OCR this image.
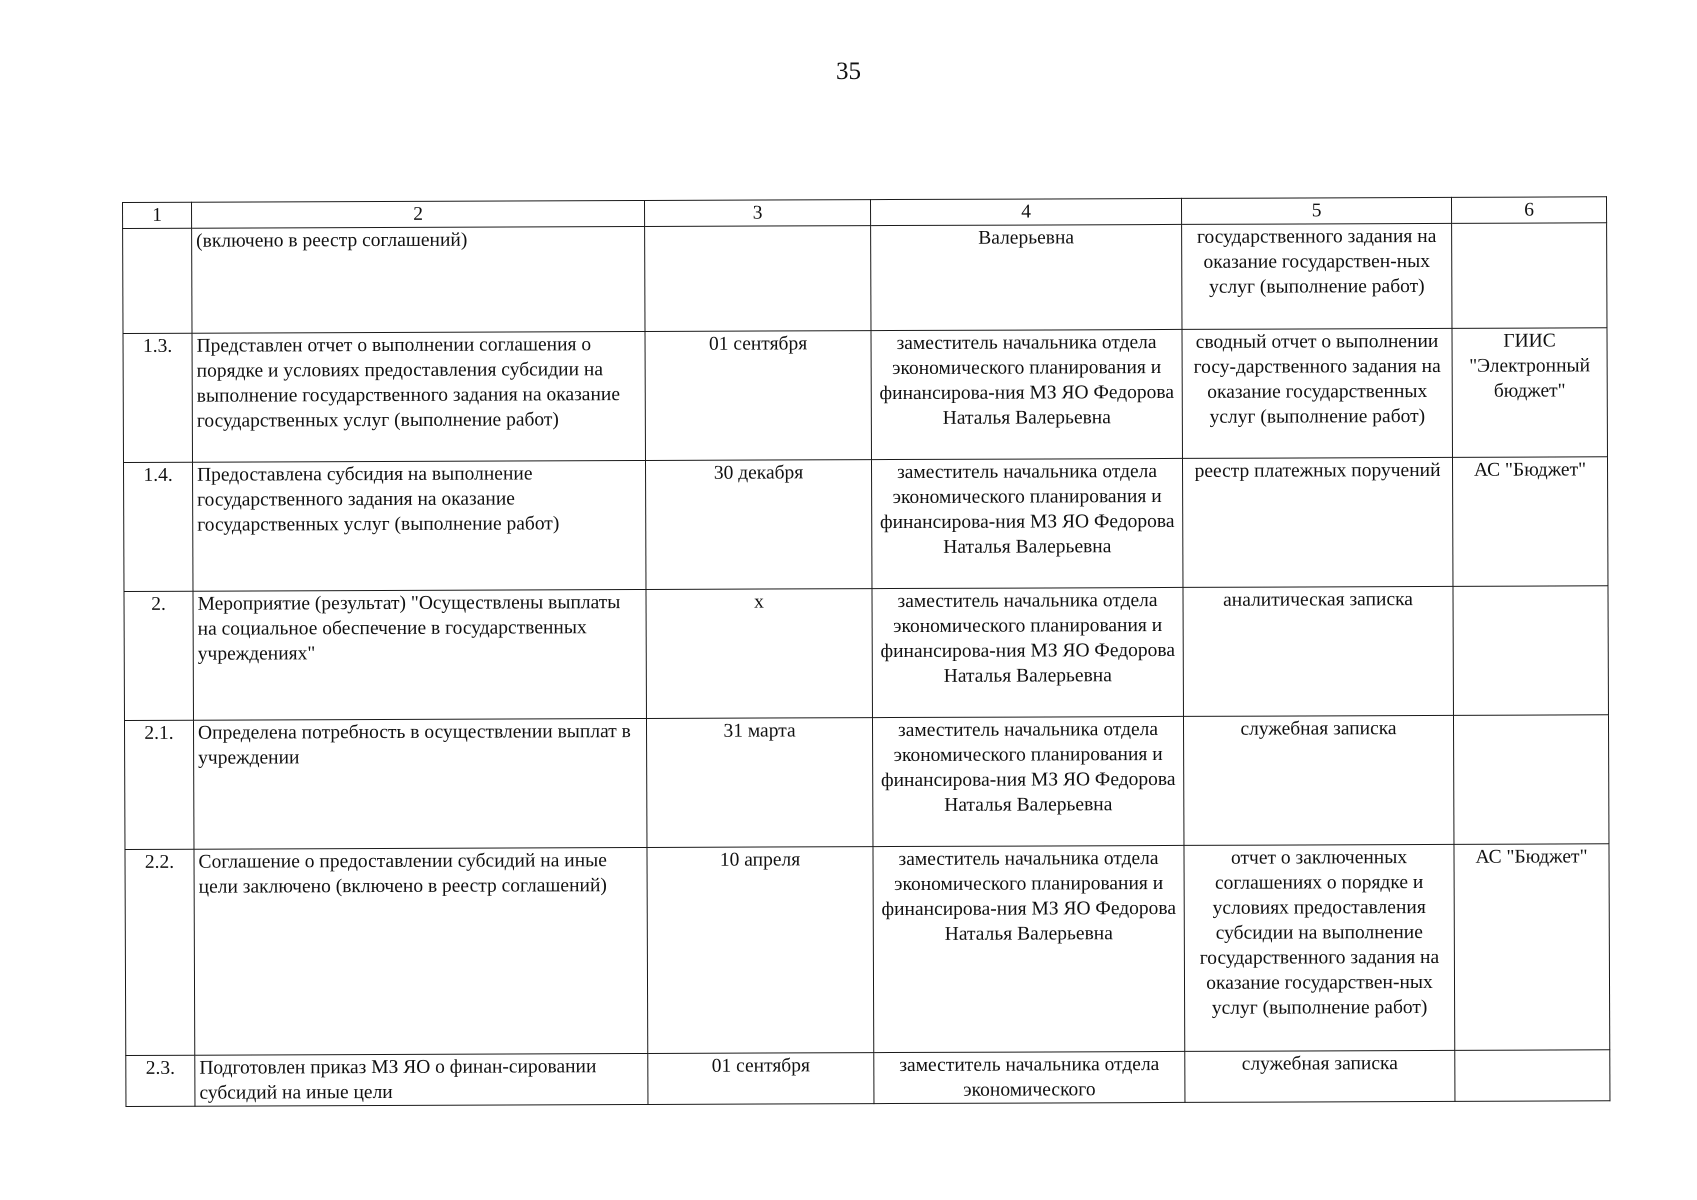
35
1	2	3	4	5	6
	(включено в реестр соглашений)		Валерьевна	государственного задания на оказание государствен-ных услуг (выполнение работ)	
1.3.	Представлен отчет о выполнении соглашения о порядке и условиях предоставления субсидии на выполнение государственного задания на оказание государственных услуг (выполнение работ)	01 сентября	заместитель начальника отдела экономического планирования и финансирова-ния МЗ ЯО Федорова Наталья Валерьевна	сводный отчет о выполнении госу-дарственного задания на оказание государственных услуг (выполнение работ)	ГИИС "Электронный бюджет"
1.4.	Предоставлена субсидия на выполнение государственного задания на оказание государственных услуг (выполнение работ)	30 декабря	заместитель начальника отдела экономического планирования и финансирова-ния МЗ ЯО Федорова Наталья Валерьевна	реестр платежных поручений	АС "Бюджет"
2.	Мероприятие (результат) "Осуществлены выплаты на социальное обеспечение в государственных учреждениях"	х	заместитель начальника отдела экономического планирования и финансирова-ния МЗ ЯО Федорова Наталья Валерьевна	аналитическая записка	
2.1.	Определена потребность в осуществлении выплат в учреждении	31 марта	заместитель начальника отдела экономического планирования и финансирова-ния МЗ ЯО Федорова Наталья Валерьевна	служебная записка	
2.2.	Соглашение о предоставлении субсидий на иные цели заключено (включено в реестр соглашений)	10 апреля	заместитель начальника отдела экономического планирования и финансирова-ния МЗ ЯО Федорова Наталья Валерьевна	отчет о заключенных соглашениях о порядке и условиях предоставления субсидии на выполнение государственного задания на оказание государствен-ных услуг (выполнение работ)	АС "Бюджет"
2.3.	Подготовлен приказ МЗ ЯО о финан-сировании субсидий на иные цели	01 сентября	заместитель начальника отдела экономического	служебная записка	
